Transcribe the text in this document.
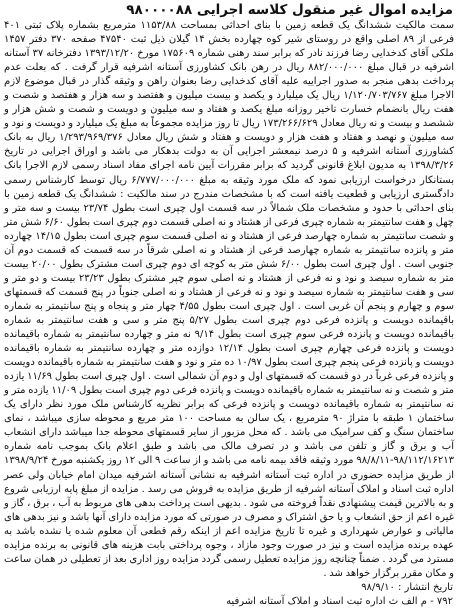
مزایده اموال غیر منقول کلاسه اجرایی ۹۸۰۰۰۰۸۸
سمت مالکیت ششدانگ یک قطعه زمین با بنای احداثی بمساحت ۱۱۵۳/۸۸ مترمربع بشماره پلاک ثبتی ۴۰۱ فرعی از ۸۹ اصلی واقع در روستای شیر کوه چهارده بخش ۱۴ گیلان ذیل ثبت ۴۷۵۴۰ صفحه ۳۷۰ دفتر ۱۴۵۷ ملکی آقای کدخدایی رضا فرزند نادر که برابر سند رهنی شماره ۱۷۵۶۰۹ مورخ ۱۳۹۳/۱۲/۲۰ دفترخانه ۳۷ آستانه اشرفیه در قبال مبلغ ۸۸۲/۰۰۰/۰۰۰ ریال در رهن بانک کشاورزی آستانه اشرفیه قرار گرفت . که بعلت عدم پرداخت بدهی منجر به صدور اجراییه علیه آقای کدخدایی رضا بعنوان راهن و وثیقه گذار در قبال موضوع لازم الاجرا مبلغ ۱/۱۲۰/۷۰۳/۷۶۷ ریال یک میلیارد و یکصد و بیست میلیون و هفتصد و سه هزار و هفتصد و شصت و هفت ریال بانضمام خسارت تاخیر روزانه مبلغ یکصد و هفتاد و سه میلیون و دویست و شصت و شش هزار و ششصد و بیست و نه ریال معادل ۱۷۳/۲۶۶/۶۲۹ ریال تا روز مزایده مجموعاً به مبلغ یک میلیارد و دویست و نود و سه میلیون و نهصد و هفتاد و هفت هزار و دویست و هفتاد و شش ریال معادل ۱/۲۹۳/۹۶۹/۳۷۶ ریال به بانک کشاورزی آستانه اشرفیه و ۵ درصد نیمعشر اجرایی آن به دولت بدهکار می باشد و اوراق اجرایی در تاریخ ۱۳۹۸/۳/۲۶ به مدیون ابلاغ قانونی گردید که برابر مقررات آیین نامه اجرای مفاد اسناد رسمی لازم الاجرا بانک بستانکار درخواست ارزیابی نمود که ملک مورد وثیقه به مبلغ ۶/۷۷۷/۰۰۰/۰۰۰ ریال توسط کارشناس رسمی دادگستری ارزیابی و قطعیت یافته است که با مشخصات مندرج در سند مالکیت : ششدانگ یک قطعه زمین با بنای احداثی با حدود و مشخصات ملک شمالاً در سه قسمت اول چپری است بطول ۲۳/۷۴ بیست و سه متر و چهل و هفت سانتیمتر به شماره چپری فرعی از هشتاد و نه اصلی قسمت دوم چپری است بطول ۶/۶۰ شش متر و شصت سانتیمتر به شماره چهارصد فرعی از هشتاد و نه اصلی قسمت سوم چپری است بطول ۱۴/۱۵ چهارده متر و پانزده سانتیمتر به شماره چهارصد فرعی از هشتاد و نه اصلی شرقاً در سه قسمت که قسمت دوم آن جنوبی است . اول چپری است بطول ۶/۰۰ شش متر به کوچه ای دوم چپری است مشترک بطول ۲۰/۰۰ بیست متر به شماره سیصد و نود و نه فرعی از هشتاد و نه اصلی سوم چپر مشترک بطول ۲۳/۲۳ بیست و دو متر و سی و هفت سانتیمتر به شماره سیصد و نود و نه فرعی از هشتاد و نه اصلی جنوباً در پنج قسمت که قسمتهای سوم و چهارم و پنجم آن غربی است . اول چپری است بطول ۴/۵۵ چهار متر و پنجاه و پنج سانتیمتر به شماره باقیمانده دویست و پانزده فرعی دوم چپری است بطول ۵/۲۷ پنج متر و سی و هفت سانتیمتر به شماره باقیمانده دویست و پانزده فرعی سوم چپری است بطول ۹/۱۴ نه متر و چهارده سانتیمتر به شماره باقیمانده دویست و پانزده فرعی چهارم چپری است بطول ۱۲/۱۴ دوازده متر و چهارده سانتیمتر به شماره باقیمانده دویست و پانزده فرعی پنجم چپری است بطول ۱۰/۹۷ ده متر و نود و هفت سانتیمتر به شماره باقیمانده دویست و پانزده فرعی غرباً در دو قسمت که قسمتهای اول و دوم آن شمالی است . اول چپری است بطول ۱۱/۶۹ یازده متر و شصت و نه سانتیمتر به شماره باقیمانده دویست و پانزده فرعی دوم چپری است بطول ۱۱/۰۹ یازده متر و نه سانتیمتر به شماره باقیمانده دویست و پانزده فرعی که برابر نظریه کارشناس ملک مورد نظر دارای یک ساختمان ۱ طبقه با متراژ ۹۰ مترمربع ، یک سالن به مساحت ۱۰۰ متر مربع و محوطه سازی میباشد ، نمای ساختمان سنگ و کف سرامیک می باشد . که محل مزبور از سایر قسمتهای محوطه جدا میباشد دارای انشعاب آب و برق و گاز و تلفن می باشد و در تصرف مالک می باشد و طبق اعلام بانک بموجب نامه شماره ۹۸/۱۱۲/۱۶۲۱۳-۹۸/۸/۱۱ مورد وثیقه فاقد بیمه نامه می باشد و از ساعت ۹ الی ۱۲ روز یکشنبه مورخ ۱۳۹۸/۹/۲۴ از طریق مزایده حضوری در اداره ثبت آستانه اشرفیه به نشانی آستانه اشرفیه میدان امام خیابان ولی عصر اداره ثبت اسناد و املاک آستانه اشرفیه از طریق مزایده به فروش می رسد . مزایده از مبلغ پایه ارزیابی شروع و به بالاترین قیمت پیشنهادی نقداً فروخته می شود . بدیهی است پرداخت بدهی های مربوط به آب ، برق ، گاز و غیره اعم از حق انشعاب و یا حق اشتراک و مصرف در صورتی که مورد مزایده دارای آنها باشد و نیز بدهی های مالیاتی و عوارض شهرداری و غیره تا تاریخ مزایده اعم از اینکه رقم قطعی آن معلوم شده یا نشده باشد به عهده برنده مزایده است و نیز در صورت وجود مازاد ، وجوه پرداختی بابت هزینه های قانونی به برنده مزایده مسترد می گردد . ضمناً چنانچه روز مزایده تعطیل رسمی گردد مزایده روز اداری بعد از تعطیلی در همان ساعت و مکان مقرر برگزار خواهد شد .
تاریخ انتشار : ۹۸/۹/۱۰
۷۹۲ - م الف ث اداره ثبت اسناد و املاک آستانه اشرفیه
